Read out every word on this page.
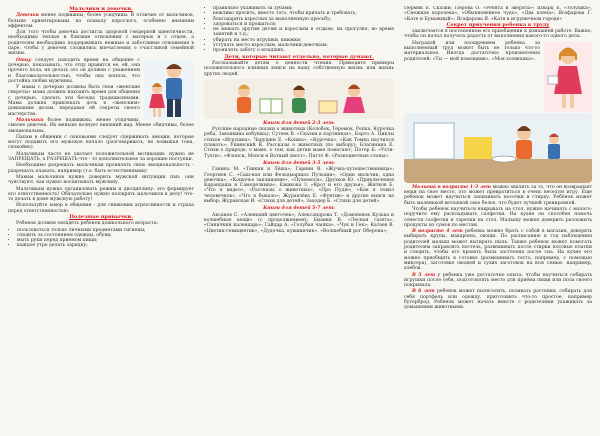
Мальчики и девочки.

Девочки менее подвижны, более усидчивы. В отличие от мальчиков, больше ориентированы на похвалу взрослого, особенно внешним эффектом.

Для того чтобы девочка достигла здоровой гендерной идентичности, необходимы теплые и близкие отношения с матерью и с отцом, а родителям необходимо поддерживать нежные и заботливые отношения в паре, чтобы у девочек сложились впечатления о счастливой семейной жизни.

Отцу следует находить время на общение с дочерью, показывать, что отцу нравится ее, ей, она прочего пола, не делать это он должен с уважением и благожелательностью, чтобы она поняла, что достойна любви мужчины.

У мамы с дочерью должны быть свои «женские секреты» мама должна находить время для общения с дочерью, сделать эти беседы традиционными. Мама должна привлекать дочь к «женским» домашним делам, передавая ей секреты своего мастерства.

Мальчики более подвижны, менее усидчивы, смелее девочек. Их меньше волнует внешний вид. Менее обидчивы, более эмоциональны.

Папам в общении с сыновьями следует сдерживать эмоции, которые могут подавить его мужское начало (разговаривать, не повышая тона, спокойно).

Мальчикам часто не хватает положительной мотивации: нужно не ЗАПРЕЩАТЬ, а РАЗРЕШАТЬ что - то дополнительное за хорошие поступки.

Необходимо разрешать мальчикам проявлять свою эмоциональность - разрешать плакать, например (т.е. быть естественными)

Мамам мальчиков нужно доверить мужской интуиции пап: они чувствуют, как нужно воспитывать мужчину.

Мальчикам нужно организовать режим и дисциплину: это формирует его ответственность! Обязательно нужно поощрять мальчиков к делу! что-то делать в доме мужскую работу!

Используйте юмор в общении - для снижения агрессивности и страха перед ответственностью.

Полезные привычки.

Ребенок должен овладеть ребенок дошкольного возраста:

• пользоваться только личными предметами гигиены;
• следить за состоянием одежды, обуви;
• мыть руки перед приемом пищи;
• каждое утро делать зарядку;
• правильно ухаживать за зубами;
• вежливо просить, вместо того, чтобы кричать и требовать;
• благодарить взрослых за выполненную просьбу;
• здороваться и прощаться;
• не мешать другим детям и взрослым в отдыхе, на прогулке, во время занятий и т.д.;
• убирать на место игрушки, книжки;
• уступать место взрослым, мальчики-девочкам;
• проявлять заботу о младших.
Дети, которые читают отдельно, которые думают.

Рассказывайте детям о ценности чтения. Приводите примеры положительного влияния книги на вашу собственную жизнь или жизнь других людей.

Книги для детей 2-3 лет:

Русские народные сказки о животных (Колобок, Теремок, Репка, Курочка ряба, Заюшкина избушка); Сутеев В. «Сказки в картинках», Барто А. Циклы стихов «Игрушки», Чарушин Е. «Кошка», «Курочка», «Как Томка научился плавать»; Ушинский К. Рассказы о животных (по выбору); Благинина Е. Стихи о природе, о маме, о том, как детки маме помогают; Потер Б. «Ухти-Тухти», «Флопси, Мопси и Ватный хвост»; Пятто Ф. «Разноцветные слоны».

Книги для детей 3-5 лет:

Ганина М. «Тявкин и Лёша»; Гарнин В. «Жучка-путешественница»; Георгиев С. «Саш-ная или Фельдмаршал Пульхин», «Один мальчик, одна девочка», «Кошачье заклинание», «Пузюмоси», Друзков Ю. «Приключения Карандаша и Самоделкина», Ежикова З. «Крот и его друзья», Житков Б. «Что я видел», «Рассказы о животных», «Про Пудю», «Как я ловил человечков», «Что я бывало»; Журавлёва Е. «Фунтик» и другие книги на выбор; Журавская И. «Стихи для детей»; Заходер Б. «Стихи для детей».

Книги для детей 5-7 лет:

Аксаков С. «Аленький цветочек»; Александрова Т. «Домовенок Кузька и волшебные вещи» (с продолжением); Бианки В. «Лесная газета», «Синичкин календарь»; Гайдар А. «Голубая чашка», «Чук и Гек»; Катаев В. «Цветик-семицветик», «Дудочка, кувшинчик», «Волшебный рог Оберона»;

Пермяк Е. Сказки; Перова О. «Ребята и зверята»; Шварц Е. «Золушка», «Снежная королева», «Обыкновенное чудо», «Два клена»; Ягафарова Г. «Кате и Бумажный»; Ягафарова Я. «Катя в игрушечном городе»

Секрет приучения ребенка к труду

заключается в постепенном его приобщении к домашней работе. Важно, чтобы он начал получать радость от выполнения какого-то одного дела.

Наградой или поощрением ребенка за выполненный труд может быть не только что-то материальное. Иногда достаточно произнесения родителей: «Ты — мой помощник», «Моя хозяюшка».

Малыша в возрасте 1-3 лет можно хвалить за то, что он возвращает вещи на свое место, это может превратиться в очень веселую игру. Еще ребенок может научиться запихивать носочки в стирку. Ребёнок может быть маленькой ветошкой свое белье, что будет лучшей тренировкой.

Чтобы ребенок научиться накрывать на стол, нужно начинать с малого: поручите ему раскладывать салфетки. На кухне он способен помочь отнести салфетки и тарелки на стол. Малышу можно доверить разложить продукты из сумок по местам.

В возрасте 4 лет ребенка можно брать с собой в магазин, доверять выбирать крупы, макароны, овощи. По расписанию к год наблюдения родителей малыш может вытирать пыль. Также ребенок может помогать родителям заправлять постель, развешивать после стирки носовые платки и следить, чтобы его кровать была застелена после сна. На кухне его можно приобщить к готовке (размешивать тесто, например, с помощью миксера), заготовке овощей и сухих заготовок на всю семью, например, хлебов.

В 5 лет у ребенка уже достаточно опыта, чтобы научиться собирать игрушки после себя, подготовлять место для приёма пищи или пола своего покрывала.

В 6 лет ребенок может пылесосить, поливать растения, собирать для себя портфель или одежду, приготовить что-то простое, например бутерброд. Ребенок может начать вместе с родителями ухаживать за домашними животными.
